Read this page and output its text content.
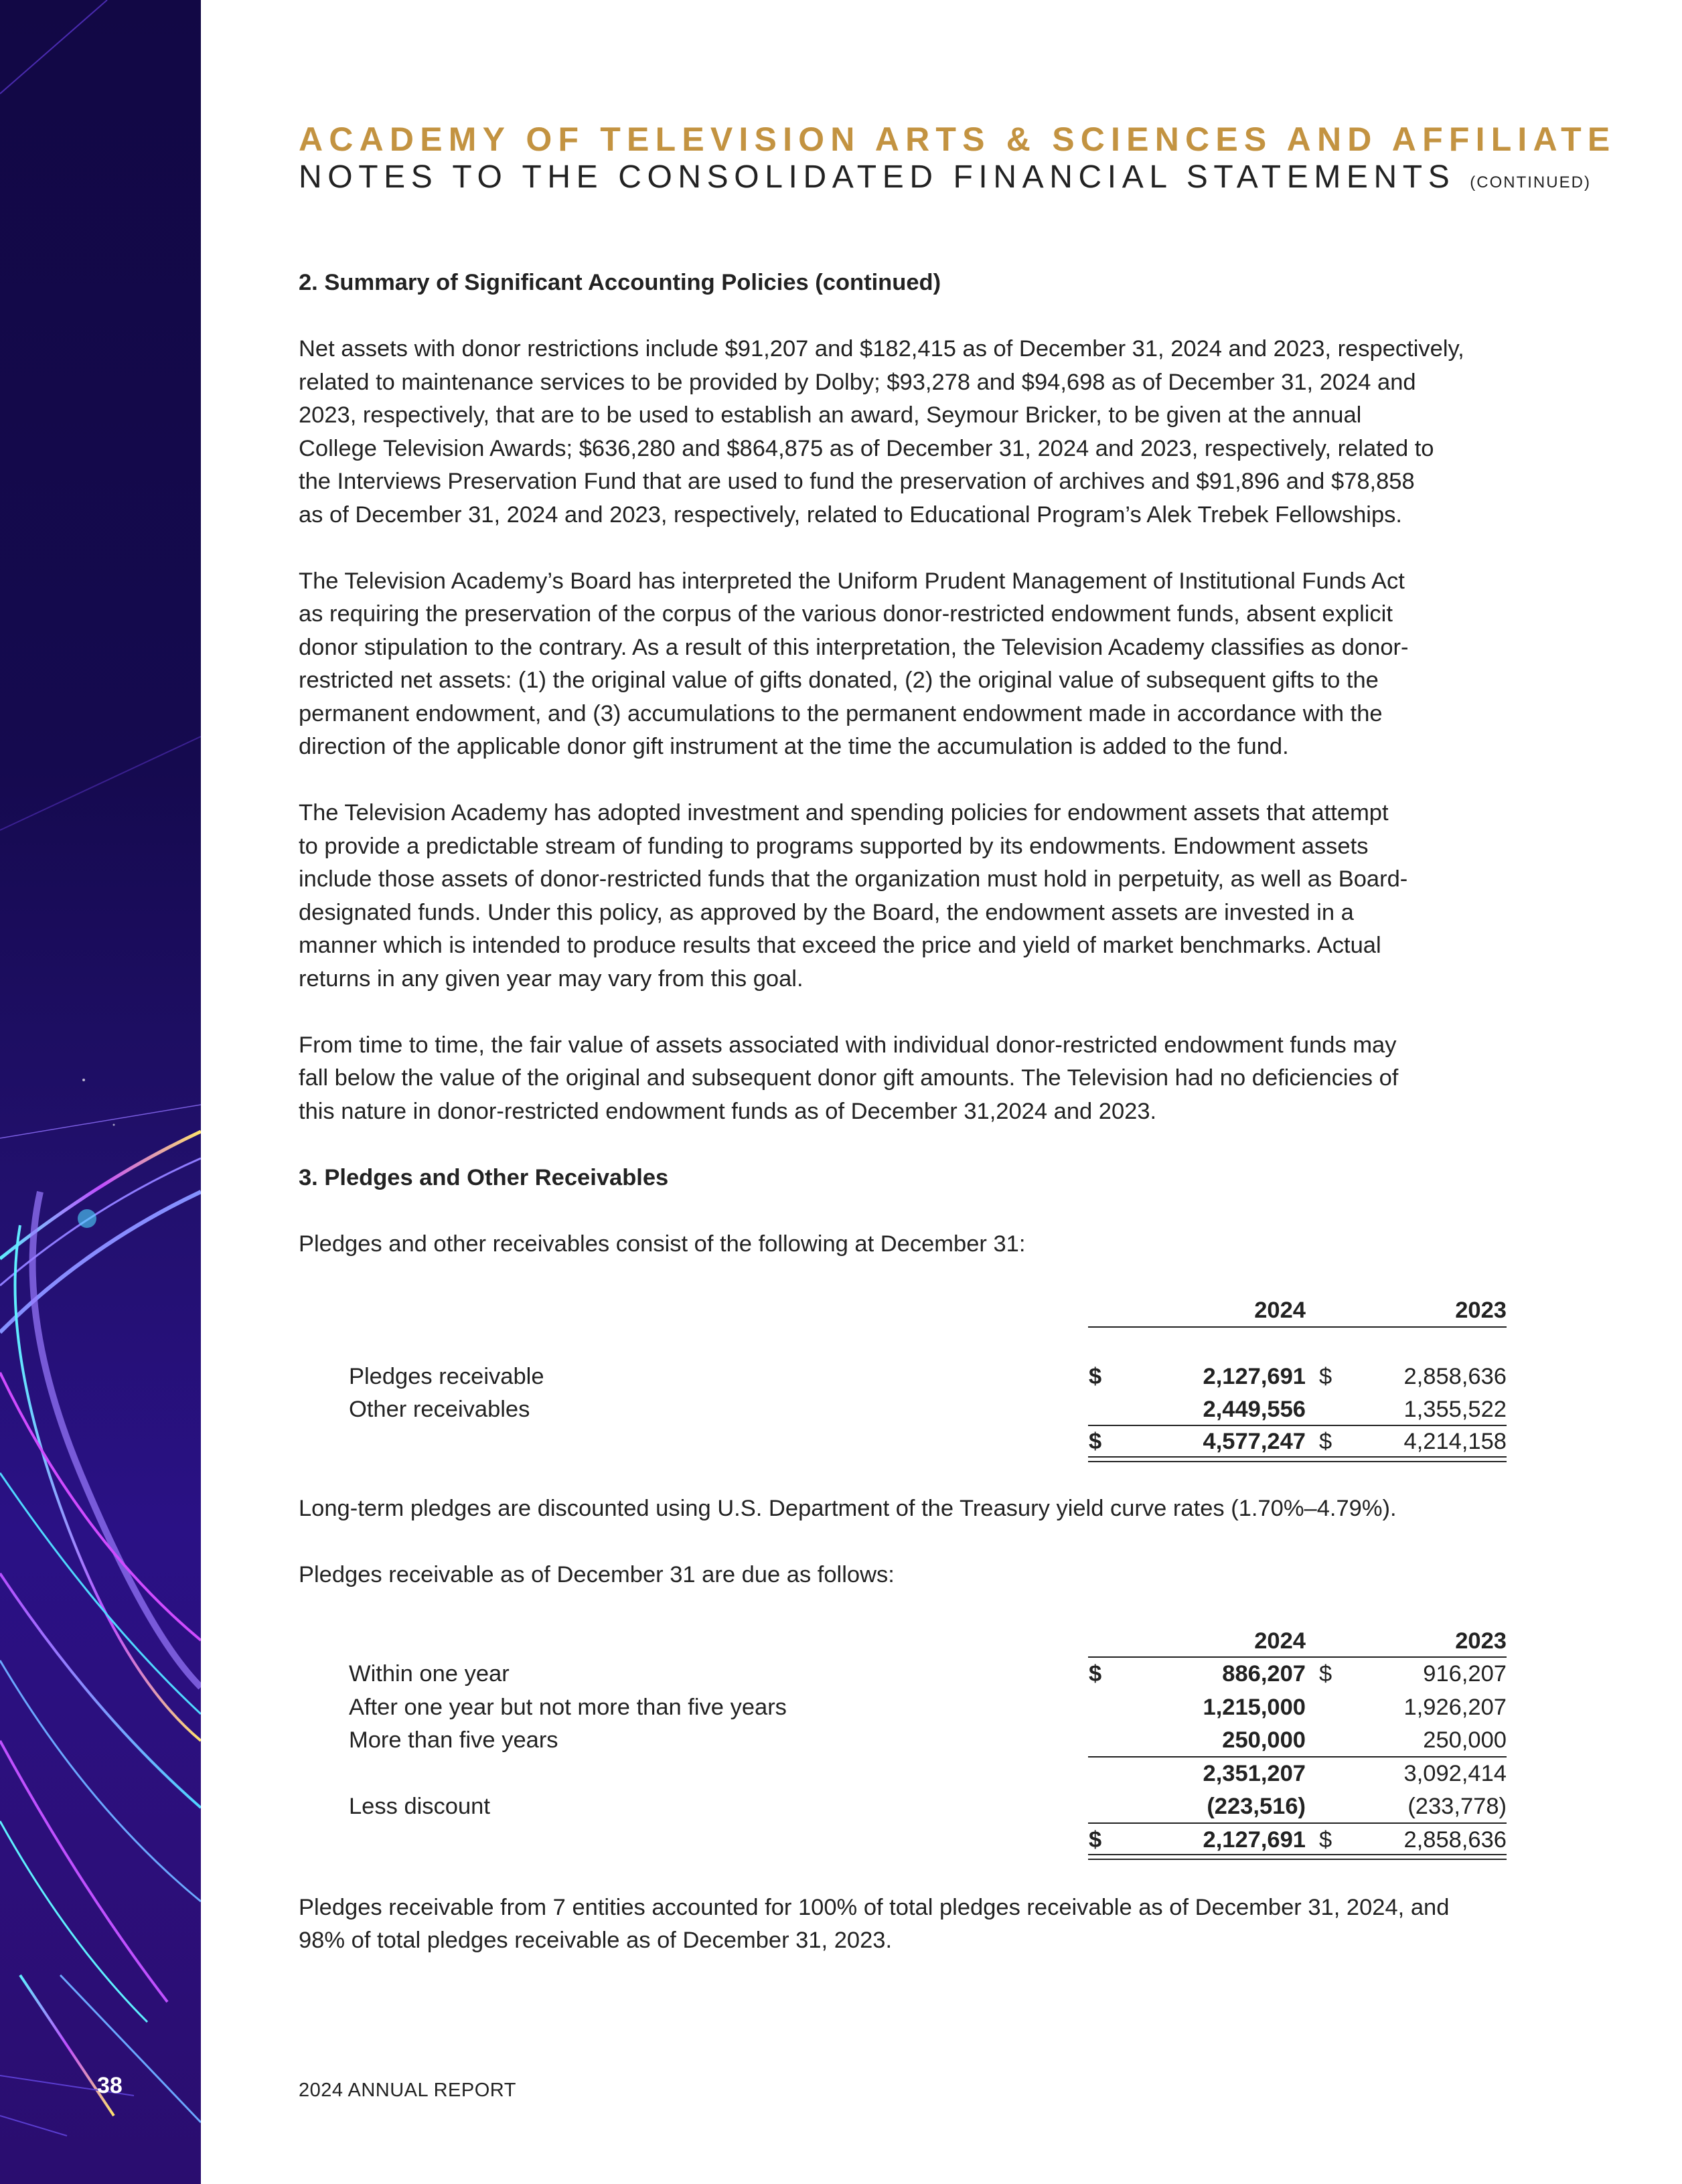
38
ACADEMY OF TELEVISION ARTS & SCIENCES AND AFFILIATE
NOTES TO THE CONSOLIDATED FINANCIAL STATEMENTS (CONTINUED)
2. Summary of Significant Accounting Policies (continued)

Net assets with donor restrictions include $91,207 and $182,415 as of December 31, 2024 and 2023, respectively,
related to maintenance services to be provided by Dolby; $93,278 and $94,698 as of December 31, 2024 and
2023, respectively, that are to be used to establish an award, Seymour Bricker, to be given at the annual
College Television Awards; $636,280 and $864,875 as of December 31, 2024 and 2023, respectively, related to
the Interviews Preservation Fund that are used to fund the preservation of archives and $91,896 and $78,858
as of December 31, 2024 and 2023, respectively, related to Educational Program’s Alek Trebek Fellowships.

The Television Academy’s Board has interpreted the Uniform Prudent Management of Institutional Funds Act
as requiring the preservation of the corpus of the various donor-restricted endowment funds, absent explicit
donor stipulation to the contrary. As a result of this interpretation, the Television Academy classifies as donor-
restricted net assets: (1) the original value of gifts donated, (2) the original value of subsequent gifts to the
permanent endowment, and (3) accumulations to the permanent endowment made in accordance with the
direction of the applicable donor gift instrument at the time the accumulation is added to the fund.

The Television Academy has adopted investment and spending policies for endowment assets that attempt
to provide a predictable stream of funding to programs supported by its endowments. Endowment assets
include those assets of donor-restricted funds that the organization must hold in perpetuity, as well as Board-
designated funds. Under this policy, as approved by the Board, the endowment assets are invested in a
manner which is intended to produce results that exceed the price and yield of market benchmarks. Actual
returns in any given year may vary from this goal.

From time to time, the fair value of assets associated with individual donor-restricted endowment funds may
fall below the value of the original and subsequent donor gift amounts. The Television had no deficiencies of
this nature in donor-restricted endowment funds as of December 31,2024 and 2023.

3. Pledges and Other Receivables

Pledges and other receivables consist of the following at December 31:

2024	2023
Pledges receivable	$	2,127,691 $	2,858,636
Other receivables	2,449,556	1,355,522
$	4,577,247 $	4,214,158

Long-term pledges are discounted using U.S. Department of the Treasury yield curve rates (1.70%–4.79%).

Pledges receivable as of December 31 are due as follows:

2024	2023
Within one year	$	886,207 $	916,207
After one year but not more than five years	1,215,000	1,926,207
More than five years	250,000	250,000
2,351,207	3,092,414
Less discount	(223,516)	(233,778)
$	2,127,691 $	2,858,636

Pledges receivable from 7 entities accounted for 100% of total pledges receivable as of December 31, 2024, and
98% of total pledges receivable as of December 31, 2023.

2024 ANNUAL REPORT
